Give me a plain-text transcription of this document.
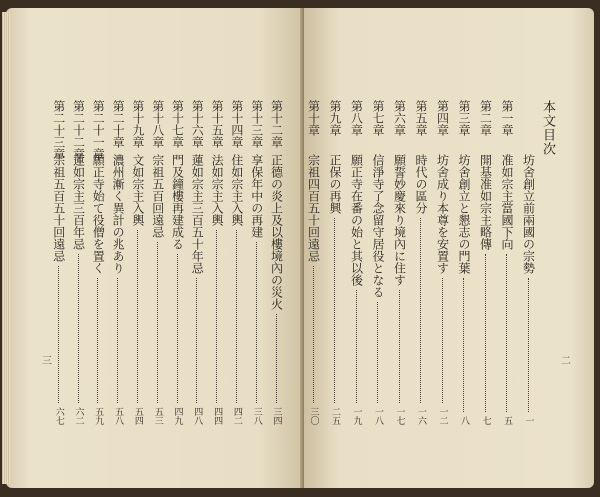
本文目次
坊舍創立前兩國の宗勢
一
第一章
准如宗主當國下向
五
第二章
開基准如宗主略傳
七
第三章
坊舍創立と懇志の門葉
八
第四章
坊舍成り本尊を安置す
一二
第五章
時代の區分
一六
第六章
願誓妙慶來り境內に住す
一七
第七章
信淨寺了念留守居役となる
一八
第八章
願正寺在番の始と其以後
一九
第九章
正保の再興
二五
第十章
宗祖四百五十回遠忌
三〇
第十二章
正德の炎上及以樓境內の災火
三四
第十三章
享保年中の再建
三八
第十四章
住如宗主入輿
四二
第十五章
法如宗主入輿
四四
第十六章
蓮如宗主三百五十年忌
四八
第十七章
門及鐘樓再建成る
四九
第十八章
宗祖五百回遠忌
五三
第十九章
文如宗主入輿
五四
第二十章
濃州漸く異計の兆あり
五八
第二十一章
願正寺始て役僧を置く
五九
第二十二章
蓮如宗主三百年忌
六二
第二十三章
宗祖五百五十回遠忌
六七
三	二
